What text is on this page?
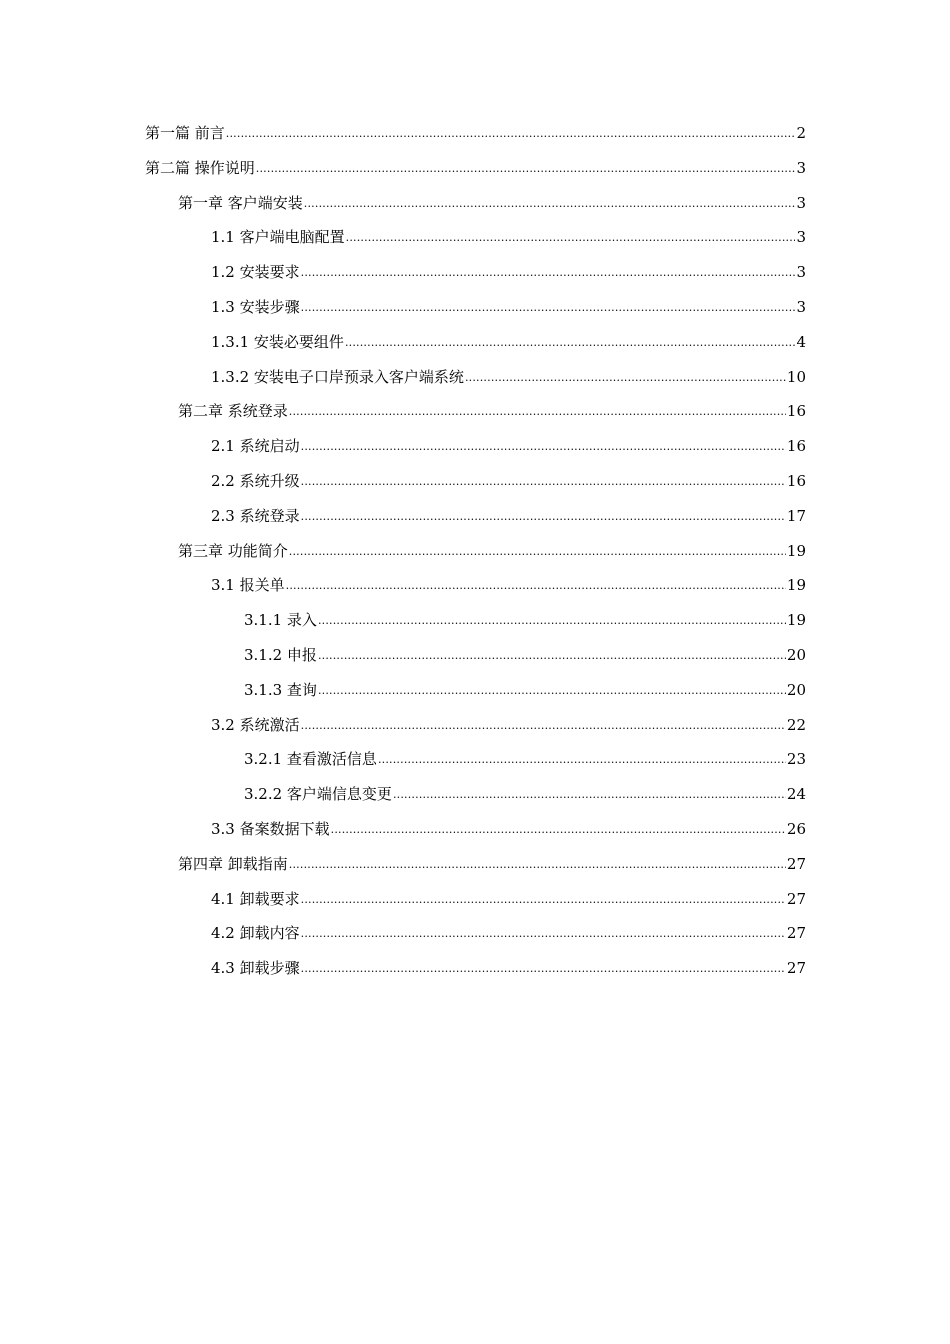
第一篇 前言 .....	2
第二篇 操作说明 .....	3
第一章 客户端安装 .....	3
1.1 客户端电脑配置 .....	3
1.2 安装要求 .....	3
1.3 安装步骤 .....	3
1.3.1 安装必要组件 .....	4
1.3.2 安装电子口岸预录入客户端系统 .....	10
第二章 系统登录 .....	16
2.1 系统启动 .....	16
2.2 系统升级 .....	16
2.3 系统登录 .....	17
第三章 功能简介 .....	19
3.1 报关单 .....	19
3.1.1 录入 .....	19
3.1.2 申报 .....	20
3.1.3 查询 .....	20
3.2 系统激活 .....	22
3.2.1 查看激活信息 .....	23
3.2.2 客户端信息变更 .....	24
3.3 备案数据下载 .....	26
第四章 卸载指南 .....	27
4.1 卸载要求 .....	27
4.2 卸载内容 .....	27
4.3 卸载步骤 .....	27
